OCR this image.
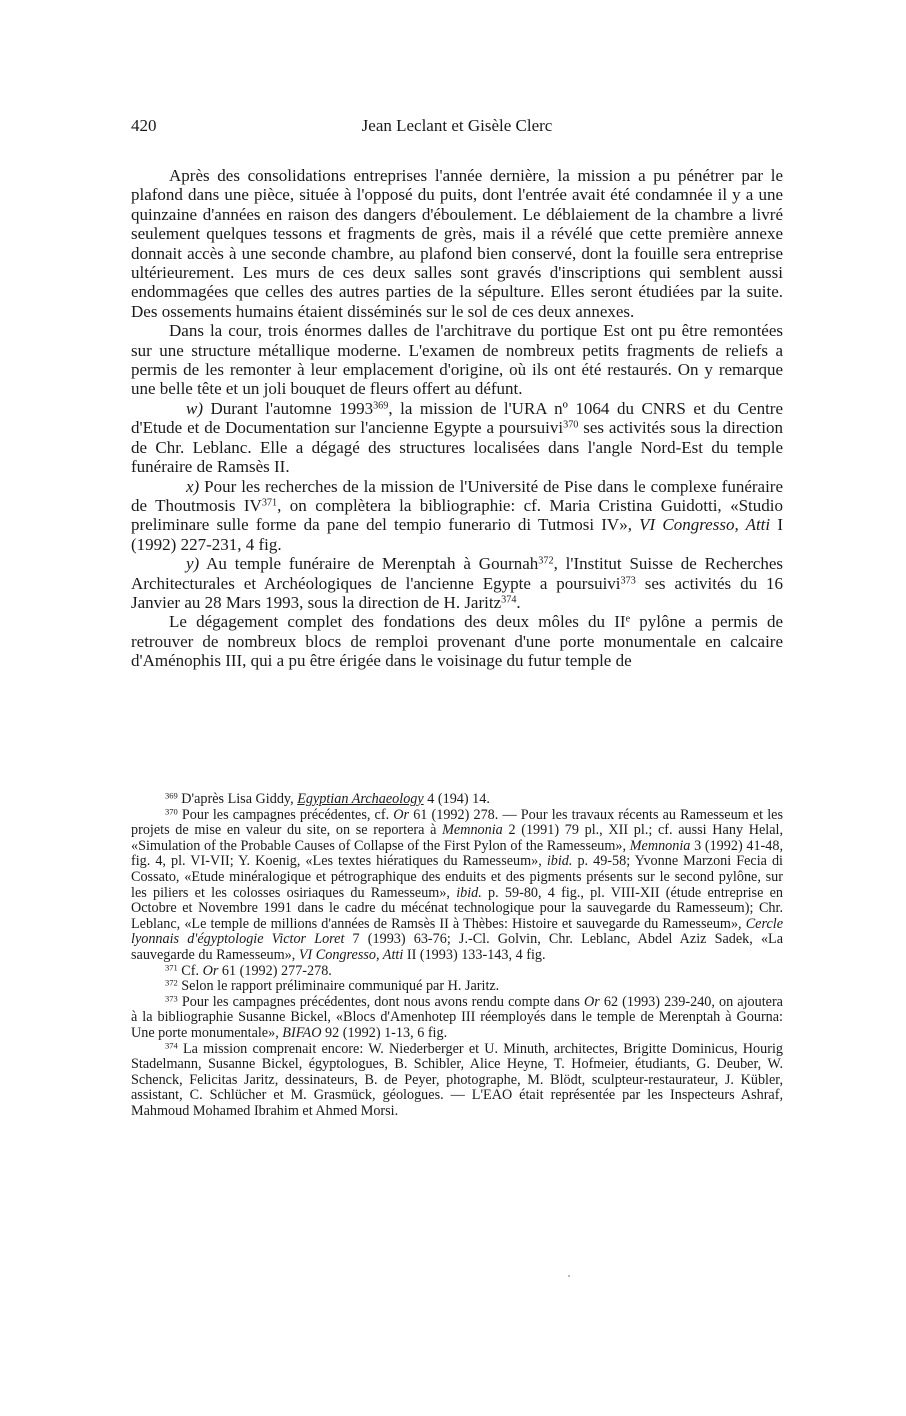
420	Jean Leclant et Gisèle Clerc

Après des consolidations entreprises l'année dernière, la mission a pu pénétrer par le plafond dans une pièce, située à l'opposé du puits, dont l'entrée avait été condamnée il y a une quinzaine d'années en raison des dangers d'éboulement. Le déblaiement de la chambre a livré seulement quelques tessons et fragments de grès, mais il a révélé que cette première annexe donnait accès à une seconde chambre, au plafond bien conservé, dont la fouille sera entreprise ultérieurement. Les murs de ces deux salles sont gravés d'inscriptions qui semblent aussi endommagées que celles des autres parties de la sépulture. Elles seront étudiées par la suite. Des ossements humains étaient disséminés sur le sol de ces deux annexes.

Dans la cour, trois énormes dalles de l'architrave du portique Est ont pu être remontées sur une structure métallique moderne. L'examen de nombreux petits fragments de reliefs a permis de les remonter à leur emplacement d'origine, où ils ont été restaurés. On y remarque une belle tête et un joli bouquet de fleurs offert au défunt.

w) Durant l'automne 1993$^{369}$, la mission de l'URA nº 1064 du CNRS et du Centre d'Etude et de Documentation sur l'ancienne Egypte a poursuivi$^{370}$ ses activités sous la direction de Chr. Leblanc. Elle a dégagé des structures localisées dans l'angle Nord-Est du temple funéraire de Ramsès II.

x) Pour les recherches de la mission de l'Université de Pise dans le complexe funéraire de Thoutmosis IV$^{371}$, on complètera la bibliographie: cf. Maria Cristina Guidotti, «Studio preliminare sulle forme da pane del tempio funerario di Tutmosi IV», VI Congresso, Atti I (1992) 227-231, 4 fig.

y) Au temple funéraire de Merenptah à Gournah$^{372}$, l'Institut Suisse de Recherches Architecturales et Archéologiques de l'ancienne Egypte a poursuivi$^{373}$ ses activités du 16 Janvier au 28 Mars 1993, sous la direction de H. Jaritz$^{374}$.

Le dégagement complet des fondations des deux môles du IIe pylône a permis de retrouver de nombreux blocs de remploi provenant d'une porte monumentale en calcaire d'Aménophis III, qui a pu être érigée dans le voisinage du futur temple de

$^{369}$ D'après Lisa Giddy, Egyptian Archaeology 4 (194) 14.

$^{370}$ Pour les campagnes précédentes, cf. Or 61 (1992) 278. — Pour les travaux récents au Ramesseum et les projets de mise en valeur du site, on se reportera à Memnonia 2 (1991) 79 pl., XII pl.; cf. aussi Hany Helal, «Simulation of the Probable Causes of Collapse of the First Pylon of the Ramesseum», Memnonia 3 (1992) 41-48, fig. 4, pl. VI-VII; Y. Koenig, «Les textes hiératiques du Ramesseum», ibid. p. 49-58; Yvonne Marzoni Fecia di Cossato, «Etude minéralogique et pétrographique des enduits et des pigments présents sur le second pylône, sur les piliers et les colosses osiriaques du Ramesseum», ibid. p. 59-80, 4 fig., pl. VIII-XII (étude entreprise en Octobre et Novembre 1991 dans le cadre du mécénat technologique pour la sauvegarde du Ramesseum); Chr. Leblanc, «Le temple de millions d'années de Ramsès II à Thèbes: Histoire et sauvegarde du Ramesseum», Cercle lyonnais d'égyptologie Victor Loret 7 (1993) 63-76; J.-Cl. Golvin, Chr. Leblanc, Abdel Aziz Sadek, «La sauvegarde du Ramesseum», VI Congresso, Atti II (1993) 133-143, 4 fig.

$^{371}$ Cf. Or 61 (1992) 277-278.

$^{372}$ Selon le rapport préliminaire communiqué par H. Jaritz.

$^{373}$ Pour les campagnes précédentes, dont nous avons rendu compte dans Or 62 (1993) 239-240, on ajoutera à la bibliographie Susanne Bickel, «Blocs d'Amenhotep III réemployés dans le temple de Merenptah à Gourna: Une porte monumentale», BIFAO 92 (1992) 1-13, 6 fig.

$^{374}$ La mission comprenait encore: W. Niederberger et U. Minuth, architectes, Brigitte Dominicus, Hourig Stadelmann, Susanne Bickel, égyptologues, B. Schibler, Alice Heyne, T. Hofmeier, étudiants, G. Deuber, W. Schenck, Felicitas Jaritz, dessinateurs, B. de Peyer, photographe, M. Blödt, sculpteur-restaurateur, J. Kübler, assistant, C. Schlücher et M. Grasmück, géologues. — L'EAO était représentée par les Inspecteurs Ashraf, Mahmoud Mohamed Ibrahim et Ahmed Morsi.
